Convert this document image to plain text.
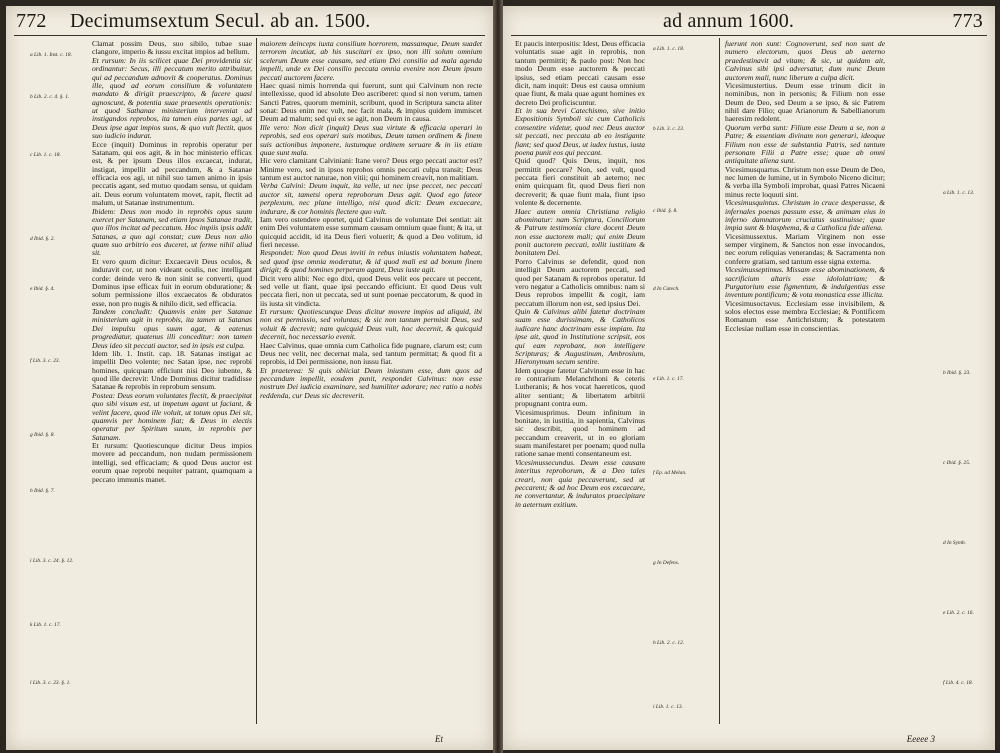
772 Decimumsextum Secul. ab an. 1500.
a Lib. 1. Inst. c. 18.
b Lib. 2. c. 4. §. 1.
c Lib. 1. c. 18.
d Ibid. §. 2.
e Ibid. §. 4.
f Lib. 3. c. 23.
g Ibid. §. 8.
h Ibid. §. 7.
i Lib. 3. c. 24. §. 12.
k Lib. 1. c. 17.
l Lib. 3. c. 23. §. 1.

Clamat possim Deus, suo sibilo, tubae suae clangore, imperio & iussu excitat impios ad bellum.

Et rursum: In iis scilicet quae Dei providentia sic ordinantur: Secus, illi peccatum merito attribuitur, qui ad peccandum admovit & cooperatus. Dominus ille, quod ad eorum consilium & voluntatem mandato & dirigit praescripto, & facere quasi agnoscunt, & potentia suae praesentis operationis: ut quod Sathanae ministerium interveniat ad instigandos reprobos, ita tamen eius partes agi, ut Deus ipse agat impios suos, & quo vult flectit, quos suo iudicio indurat.

Ecce (inquit) Dominus in reprobis operatur per Satanam, qui eos agit, & in hoc ministerio efficax est, & per ipsum Deus illos excaecat, indurat, instigat, impellit ad peccandum, & a Satanae efficacia eos agi, ut nihil suo tamen animo in ipsis peccatis agant, sed mutuo quodam sensu, ut quidam ait. Deus eorum voluntatem movet, rapit, flectit ad malum, ut Satanae instrumentum.

Ibidem: Deus non modo in reprobis opus suum exercet per Satanam, sed etiam ipsos Satanae tradit, quo illos incitat ad peccatum. Hoc impiis ipsis addit Satanas, a quo agi constat; cum Deus non alio quam suo arbitrio eos duceret, ut ferme nihil aliud sit.

Et vero quum dicitur: Excaecavit Deus oculos, & induravit cor, ut non videant oculis, nec intelligant corde: deinde vero & non sinit se converti, quod Dominus ipse efficax fuit in eorum obduratione; & solum permissione illos excaecatos & obduratos esse, non pro nugis & nihilo dicit, sed efficacia.

Tandem concludit: Quamvis enim per Satanae ministerium agit in reprobis, ita tamen ut Satanas Dei impulsu opus suum agat, & eatenus progrediatur, quatenus illi conceditur: non tamen Deus ideo sit peccati auctor, sed in ipsis est culpa.

Idem lib. 1. Instit. cap. 18. Satanas instigat ac impellit Deo volente; nec Satan ipse, nec reprobi homines, quicquam efficiunt nisi Deo iubente, & quod ille decrevit: Unde Dominus dicitur tradidisse Satanae & reprobis in reprobum sensum.

Postea: Deus eorum voluntates flectit, & praecipitat quo sibi visum est, ut impetum agant ut faciant, & velint facere, quod ille voluit, ut totum opus Dei sit, quamvis per hominem fiat; & Deus in electis operatur per Spiritum suum, in reprobis per Satanam.

Et rursum: Quotiescunque dicitur Deus impios movere ad peccandum, non nudam permissionem intelligi, sed efficaciam; & quod Deus auctor est eorum quae reprobi nequiter patrant, quamquam a peccato immunis manet.

maiorem deinceps iuxta consilium horrorem, massamque, Deum suadet terrorem incutiat, ab his suscitari ex ipso, non illi solum omnium scelerum Deum esse causam, sed etiam Dei consilio ad mala agenda impelli, unde ex Dei consilio peccata omnia evenire non Deum ipsum peccati auctorem facere.

Haec quasi nimis horrenda qui fuerunt, sunt qui Calvinum non recte intellexisse, quod id absolute Deo ascriberet: quod si non verum, tamen Sancti Patres, quorum meminit, scribunt, quod in Scriptura sancta aliter sonat: Deus enim nec vult, nec facit mala, & impius quidem immiscet Deum ad malum; sed qui ex se agit, non Deum in causa.

Ille vero: Non dicit (inquit) Deus sua virtute & efficacia operari in reprobis, sed eos operari suis motibus, Deum tamen ordinem & finem suis actionibus imponere, iustumque ordinem seruare & in iis etiam quae sunt mala.

Hic vero clamitant Calviniani: Itane vero? Deus ergo peccati auctor est? Minime vero, sed in ipsos reprobos omnis peccati culpa transit; Deus tantum est auctor naturae, non vitii; qui hominem creavit, non malitiam.

Verba Calvini: Deum inquit, ita velle, ut nec ipse peccet, nec peccati auctor sit, tametsi opera reproborum Deus agit. Quod ego fateor perplexum, nec plane intelligo, nisi quod dicit: Deum excaecare, indurare, & cor hominis flectere quo vult.

Iam vero ostendere oportet, quid Calvinus de voluntate Dei sentiat: ait enim Dei voluntatem esse summam causam omnium quae fiunt; & ita, ut quicquid accidit, id ita Deus fieri voluerit; & quod a Deo volitum, id fieri necesse.

Respondet: Non quod Deus inviti in rebus iniustis voluntatem habeat, sed quod ipse omnia moderatur, & id quod mali est ad bonum finem dirigit; & quod homines perperam agant, Deus iuste agit.

Dicit vero alibi: Nec ego dixi, quod Deus velit eos peccare ut peccent, sed velle ut fiant, quae ipsi peccando efficiunt. Et quod Deus vult peccata fieri, non ut peccata, sed ut sunt poenae peccatorum, & quod in iis iusta sit vindicta.

Et rursum: Quotiescunque Deus dicitur movere impios ad aliquid, ibi non est permissio, sed voluntas; & sic non tantum permisit Deus, sed voluit & decrevit; nam quicquid Deus vult, hoc decernit, & quicquid decernit, hoc necessario evenit.

Haec Calvinus, quae omnia cum Catholica fide pugnare, clarum est; cum Deus nec velit, nec decernat mala, sed tantum permittat; & quod fit a reprobis, id Dei permissione, non iussu fiat.

Et praeterea: Si quis obiiciat Deum iniustum esse, dum quos ad peccandum impellit, eosdem punit, respondet Calvinus: non esse nostrum Dei iudicia examinare, sed humiliter adorare; nec ratio a nobis reddenda, cur Deus sic decreverit.

Et
ad annum 1600.	773

Et paucis interpositis: Idest, Deus efficacia voluntatis suae agit in reprobis, non tantum permittit; & paulo post: Non hoc modo Deum esse auctorem & peccati ipsius, sed etiam peccati causam esse dicit, nam inquit: Deus est causa omnium quae fiunt, & mala quae agunt homines ex decreto Dei proficiscuntur.

Et in sua brevi Catechismo, sive initio Expositionis Symboli sic cum Catholicis consentire videtur, quod nec Deus auctor sit peccati, nec peccata ab eo instigante fiant; sed quod Deus, ut iudex iustus, iusta poena punit eos qui peccant.

Quid quod? Quis Deus, inquit, nos permittit peccare? Non, sed vult, quod peccata fieri constituit ab aeterno; nec enim quicquam fit, quod Deus fieri non decreverit; & quae fiunt mala, fiunt ipso volente & decernente.

Haec autem omnia Christiana religio abominatur: nam Scriptura, Conciliorum & Patrum testimonia clare docent Deum non esse auctorem mali; qui enim Deum ponit auctorem peccati, tollit iustitiam & bonitatem Dei.

Porro Calvinus se defendit, quod non intelligit Deum auctorem peccati, sed quod per Satanam & reprobos operatur. Id vero negatur a Catholicis omnibus: nam si Deus reprobos impellit & cogit, iam peccatum illorum non est, sed ipsius Dei.

Quin & Calvinus alibi fatetur doctrinam suam esse durissimam, & Catholicos iudicare hanc doctrinam esse impiam. Ita ipse ait, quod in Institutione scripsit, eos qui eam reprobant, non intelligere Scripturas; & Augustinum, Ambrosium, Hieronymum secum sentire.

Idem quoque fatetur Calvinum esse in hac re contrarium Melanchthoni & ceteris Lutheranis; & hos vocat haereticos, quod aliter sentiant; & libertatem arbitrii propugnant contra eum.

Vicesimusprimus. Deum infinitum in bonitate, in iustitia, in sapientia, Calvinus sic describit, quod hominem ad peccandum creaverit, ut in eo gloriam suam manifestaret per poenam; quod nulla ratione sanae menti consentaneum est.

Vicesimussecundus. Deum esse causam interitus reproborum, & a Deo tales creari, non quia peccaverunt, sed ut peccarent; & ad hoc Deum eos excaecare, ne convertantur, & induratos praecipitare in aeternum exitium.

a Lib. 1. c. 18.
b Lib. 3. c. 23.
c Ibid. §. 8.
d In Catech.
e Lib. 1. c. 17.
f Ep. ad Melan.
g In Defens.
h Lib. 2. c. 12.
i Lib. 1. c. 13.

fuerunt non sunt: Cognoverunt, sed non sunt de numero electorum, quos Deus ab aeterno praedestinavit ad vitam; & sic, ut quidam ait, Calvinus sibi ipsi adversatur, dum nunc Deum auctorem mali, nunc liberum a culpa dicit.

Vicesimustertius. Deum esse trinum dicit in nominibus, non in personis; & Filium non esse Deum de Deo, sed Deum a se ipso, & sic Patrem nihil dare Filio; quae Arianorum & Sabellianorum haeresim redolent.

Quorum verba sunt: Filium esse Deum a se, non a Patre; & essentiam divinam non generari, ideoque Filium non esse de substantia Patris, sed tantum personam Filii a Patre esse; quae ab omni antiquitate aliena sunt.

Vicesimusquartus. Christum non esse Deum de Deo, nec lumen de lumine, ut in Symbolo Niceno dicitur; & verba illa Symboli improbat, quasi Patres Nicaeni minus recte loquuti sint.

Vicesimusquintus. Christum in cruce desperasse, & infernales poenas passum esse, & animam eius in inferno damnatorum cruciatus sustinuisse; quae impia sunt & blasphema, & a Catholica fide aliena.

Vicesimussextus. Mariam Virginem non esse semper virginem, & Sanctos non esse invocandos, nec eorum reliquias venerandas; & Sacramenta non conferre gratiam, sed tantum esse signa externa.

Vicesimusseptimus. Missam esse abominationem, & sacrificium altaris esse idololatriam; & Purgatorium esse figmentum, & indulgentias esse inventum pontificum; & vota monastica esse illicita.

Vicesimusoctavus. Ecclesiam esse invisibilem, & solos electos esse membra Ecclesiae; & Pontificem Romanum esse Antichristum; & potestatem Ecclesiae nullam esse in conscientias.

a Lib. 1. c. 13.
b Ibid. §. 23.
c Ibid. §. 25.
d In Symb.
e Lib. 2. c. 16.
f Lib. 4. c. 18.
Eeeee 3
